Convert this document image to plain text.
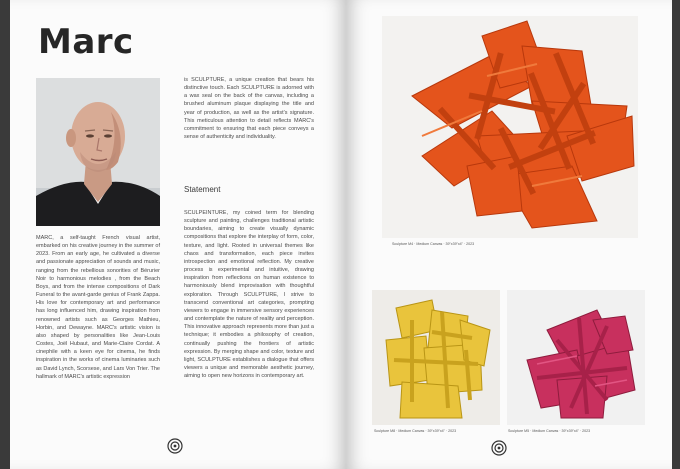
Marc
MARC, a self-taught French visual artist, embarked on his creative journey in the summer of 2023. From an early age, he cultivated a diverse and passionate appreciation of sounds and music, ranging from the rebellious sonorities of Bérurier Noir to harmonious melodies , from the Beach Boys, and from the intense compositions of Dark Funeral to the avant-garde genius of Frank Zappa. His love for contemporary art and performance has long influenced him, drawing inspiration from renowned artists such as Georges Mathieu, Horbin, and Dewayne. MARC's artistic vision is also shaped by personalities like Jean-Louis Costes, Joël Hubaut, and Marie-Claire Cordat. A cinephile with a keen eye for cinema, he finds inspiration in the works of cinema luminaries such as David Lynch, Scorsese, and Lars Von Trier. The hallmark of MARC's artistic expression
is SCULPTURE, a unique creation that bears his distinctive touch. Each SCULPTURE is adorned with a wax seal on the back of the canvas, including a brushed aluminum plaque displaying the title and year of production, as well as the artist's signature. This meticulous attention to detail reflects MARC's commitment to ensuring that each piece conveys a sense of authenticity and individuality.
Statement
SCULPEINTURE, my coined term for blending sculpture and painting, challenges traditional artistic boundaries, aiming to create visually dynamic compositions that explore the interplay of form, color, texture, and light. Rooted in universal themes like chaos and transformation, each piece invites introspection and emotional reflection. My creative process is experimental and intuitive, drawing inspiration from reflections on human existence to harmoniously blend improvisation with thoughtful exploration. Through SCULPTURE, I strive to transcend conventional art categories, prompting viewers to engage in immersive sensory experiences and contemplate the nature of reality and perception. This innovative approach represents more than just a technique; it embodies a philosophy of creation, continually pushing the frontiers of artistic expression. By merging shape and color, texture and light, SCULPTURE establishes a dialogue that offers viewers a unique and memorable aesthetic journey, aiming to open new horizons in contemporary art.
Sculpture M4 · Medium Canvas · 39"x39"x4" · 2023
Sculpture M8 · Medium Canvas · 39"x39"x4" · 2023	Sculpture M5 · Medium Canvas · 39"x39"x4" · 2023
